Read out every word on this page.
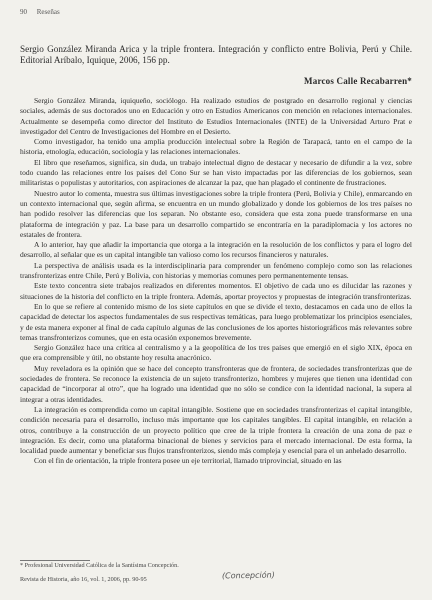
90 Reseñas
Sergio González Miranda Arica y la triple frontera. Integración y conflicto entre Bolivia, Perú y Chile. Editorial Aríbalo, Iquique, 2006, 156 pp.
Marcos Calle Recabarren*

Sergio González Miranda, iquiqueño, sociólogo. Ha realizado estudios de postgrado en desarrollo regional y ciencias sociales, además de sus doctorados uno en Educación y otro en Estudios Americanos con mención en relaciones internacionales. Actualmente se desempeña como director del Instituto de Estudios Internacionales (INTE) de la Universidad Arturo Prat e investigador del Centro de Investigaciones del Hombre en el Desierto.

Como investigador, ha tenido una amplia producción intelectual sobre la Región de Tarapacá, tanto en el campo de la historia, etnología, educación, sociología y las relaciones internacionales.

El libro que reseñamos, significa, sin duda, un trabajo intelectual digno de destacar y necesario de difundir a la vez, sobre todo cuando las relaciones entre los países del Cono Sur se han visto impactadas por las diferencias de los gobiernos, sean militaristas o populistas y autoritarios, con aspiraciones de alcanzar la paz, que han plagado el continente de frustraciones.

Nuestro autor lo comenta, muestra sus últimas investigaciones sobre la triple frontera (Perú, Bolivia y Chile), enmarcando en un contexto internacional que, según afirma, se encuentra en un mundo globalizado y donde los gobiernos de los tres países no han podido resolver las diferencias que los separan. No obstante eso, considera que esta zona puede transformarse en una plataforma de integración y paz. La base para un desarrollo compartido se encontraría en la paradiplomacia y los actores no estatales de frontera.

A lo anterior, hay que añadir la importancia que otorga a la integración en la resolución de los conflictos y para el logro del desarrollo, al señalar que es un capital intangible tan valioso como los recursos financieros y naturales.

La perspectiva de análisis usada es la interdisciplinaria para comprender un fenómeno complejo como son las relaciones transfronterizas entre Chile, Perú y Bolivia, con historias y memorias comunes pero permanentemente tensas.

Este texto concentra siete trabajos realizados en diferentes momentos. El objetivo de cada uno es dilucidar las razones y situaciones de la historia del conflicto en la triple frontera. Además, aportar proyectos y propuestas de integración transfronterizas.

En lo que se refiere al contenido mismo de los siete capítulos en que se divide el texto, destacamos en cada uno de ellos la capacidad de detectar los aspectos fundamentales de sus respectivas temáticas, para luego problematizar los principios esenciales, y de esta manera exponer al final de cada capítulo algunas de las conclusiones de los aportes historiográficos más relevantes sobre temas transfronterizos comunes, que en esta ocasión exponemos brevemente.

Sergio González hace una crítica al centralismo y a la geopolítica de los tres países que emergió en el siglo XIX, época en que era comprensible y útil, no obstante hoy resulta anacrónico.

Muy reveladora es la opinión que se hace del concepto transfronteras que de frontera, de sociedades transfronterizas que de sociedades de frontera. Se reconoce la existencia de un sujeto transfronterizo, hombres y mujeres que tienen una identidad con capacidad de “incorporar al otro”, que ha logrado una identidad que no sólo se condice con la identidad nacional, la supera al integrar a otras identidades.

La integración es comprendida como un capital intangible. Sostiene que en sociedades transfronterizas el capital intangible, condición necesaria para el desarrollo, incluso más importante que los capitales tangibles. El capital intangible, en relación a otros, contribuye a la construcción de un proyecto político que cree de la triple frontera la creación de una zona de paz e integración. Es decir, como una plataforma binacional de bienes y servicios para el mercado internacional. De esta forma, la localidad puede aumentar y beneficiar sus flujos transfronterizos, siendo más compleja y esencial para el un anhelado desarrollo.

Con el fin de orientación, la triple frontera posee un eje territorial, llamado triprovincial, situado en las

* Profesional Universidad Católica de la Santísima Concepción.
Revista de Historia, año 16, vol. 1, 2006, pp. 90-95	(Concepción)
